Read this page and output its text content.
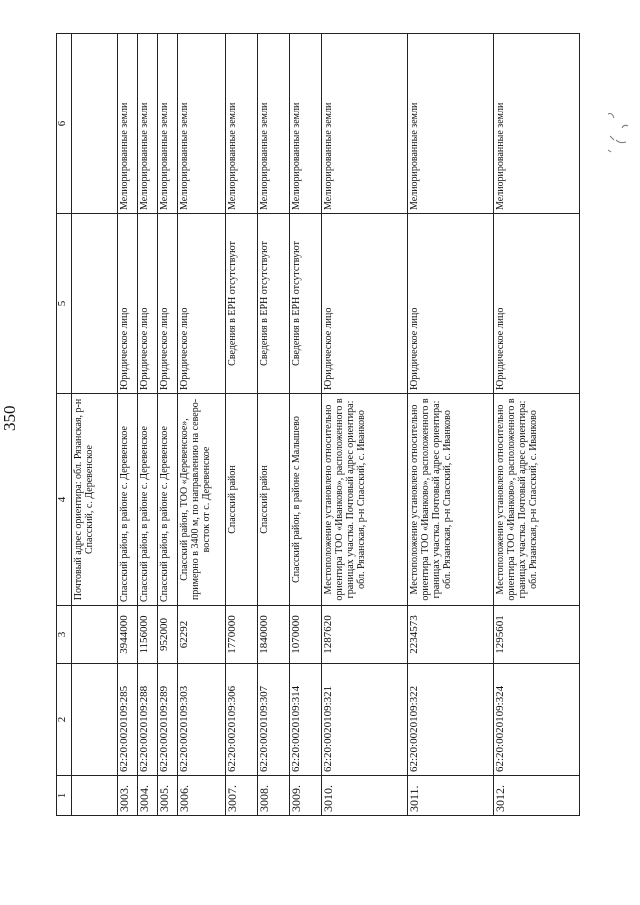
350
1	2	3	4	5	6
			Почтовый адрес ориентира: обл. Рязанская, р-н Спасский, с. Деревенское		
3003.	62:20:0020109:285	3944000	Спасский район, в районе с. Деревенское	Юридическое лицо	Мелиорированные земли
3004.	62:20:0020109:288	1156000	Спасский район, в районе с. Деревенское	Юридическое лицо	Мелиорированные земли
3005.	62:20:0020109:289	952000	Спасский район, в районе с. Деревенское	Юридическое лицо	Мелиорированные земли
3006.	62:20:0020109:303	62292	Спасский район, ТОО «Деревенское», примерно в 3400 м, по направлению на северо-восток от с. Деревенское	Юридическое лицо	Мелиорированные земли
3007.	62:20:0020109:306	1770000	Спасский район	Сведения в ЕРН отсутствуют	Мелиорированные земли
3008.	62:20:0020109:307	1840000	Спасский район	Сведения в ЕРН отсутствуют	Мелиорированные земли
3009.	62:20:0020109:314	1070000	Спасский район, в районе с Малышево	Сведения в ЕРН отсутствуют	Мелиорированные земли
3010.	62:20:0020109:321	1287620	Местоположение установлено относительно ориентира ТОО «Иванково», расположенного в границах участка. Почтовый адрес ориентира: обл. Рязанская, р-н Спасский, с. Иванково	Юридическое лицо	Мелиорированные земли
3011.	62:20:0020109:322	2234573	Местоположение установлено относительно ориентира ТОО «Иванково», расположенного в границах участка. Почтовый адрес ориентира: обл. Рязанская, р-н Спасский, с. Иванково	Юридическое лицо	Мелиорированные земли
3012.	62:20:0020109:324	1295601	Местоположение установлено относительно ориентира ТОО «Иванково», расположенного в границах участка. Почтовый адрес ориентира: обл. Рязанская, р-н Спасский, с. Иванково	Юридическое лицо	Мелиорированные земли
